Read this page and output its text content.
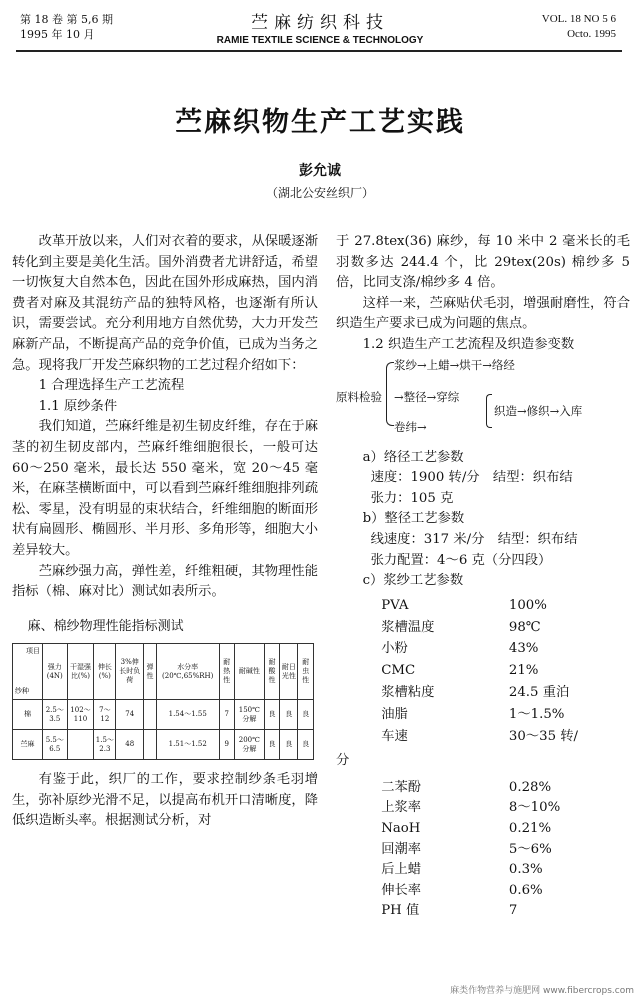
第 18 卷 第 5,6 期
1995 年 10 月
苎麻纺织科技
RAMIE TEXTILE SCIENCE & TECHNOLOGY
VOL. 18 NO 5 6
Octo. 1995
苎麻织物生产工艺实践
彭允诚
（湖北公安丝织厂）

改革开放以来，人们对衣着的要求，从保暖逐渐转化到主要是美化生活。国外消费者尤讲舒适，希望一切恢复大自然本色，因此在国外形成麻热，国内消费者对麻及其混纺产品的独特风格，也逐渐有所认识，需要尝试。充分利用地方自然优势，大力开发苎麻新产品，不断提高产品的竞争价值，已成为当务之急。现将我厂开发苎麻织物的工艺过程介绍如下：

1 合理选择生产工艺流程

1.1 原纱条件

我们知道，苎麻纤维是初生韧皮纤维，存在于麻茎的初生韧皮部内，苎麻纤维细胞很长，一般可达 60～250 毫米，最长达 550 毫米，宽 20～45 毫米，在麻茎横断面中，可以看到苎麻纤维细胞排列疏松、零星，没有明显的束状结合，纤维细胞的断面形状有扁圆形、椭圆形、半月形、多角形等，细胞大小差异较大。

苎麻纱强力高，弹性差，纤维粗硬，其物理性能指标（棉、麻对比）测试如表所示。

麻、棉纱物理性能指标测试
项目
纱种	强力(4N)	干湿强比(%)	伸长(%)	3%伸长时负荷	弹性	水分率(20℃,65%RH)	耐热性	耐碱性	耐酸性	耐日光性	耐虫性
棉	2.5～3.5	102～110	7～12	74		1.54～1.55	7	150℃分解	良	良	良
苎麻	5.5～6.5		1.5～2.3	48		1.51～1.52	9	200℃分解	良	良	良

有鉴于此，织厂的工作，要求控制纱条毛羽增生，弥补原纱光滑不足，以提高布机开口清晰度，降低织造断头率。根据测试分析，对

于 27.8tex(36) 麻纱，每 10 米中 2 毫米长的毛羽数多达 244.4 个，比 29tex(20s) 棉纱多 5 倍，比同支涤/棉纱多 4 倍。

这样一来，苎麻贴伏毛羽，增强耐磨性，符合织造生产要求已成为问题的焦点。

1.2 织造生产工艺流程及织造参变数

原料检验
浆纱→上蜡→烘干→络经
→整径→穿综
卷纬→
织造→修织→入库

a）络径工艺参数

速度：1900 转/分　结型：织布结

张力：105 克

b）整径工艺参数

线速度：317 米/分　结型：织布结

张力配置：4～6 克（分四段）

c）浆纱工艺参数

PVA	100%
浆槽温度	98℃
小粉	43%
CMC	21%
浆槽粘度	24.5 重泊
油脂	1～1.5%
车速	30～35 转/

分

二苯酚	0.28%
上浆率	8～10%
NaoH	0.21%
回潮率	5～6%
后上蜡	0.3%
伸长率	0.6%
PH 值	7
麻类作物营养与施肥网 www.fibercrops.com
